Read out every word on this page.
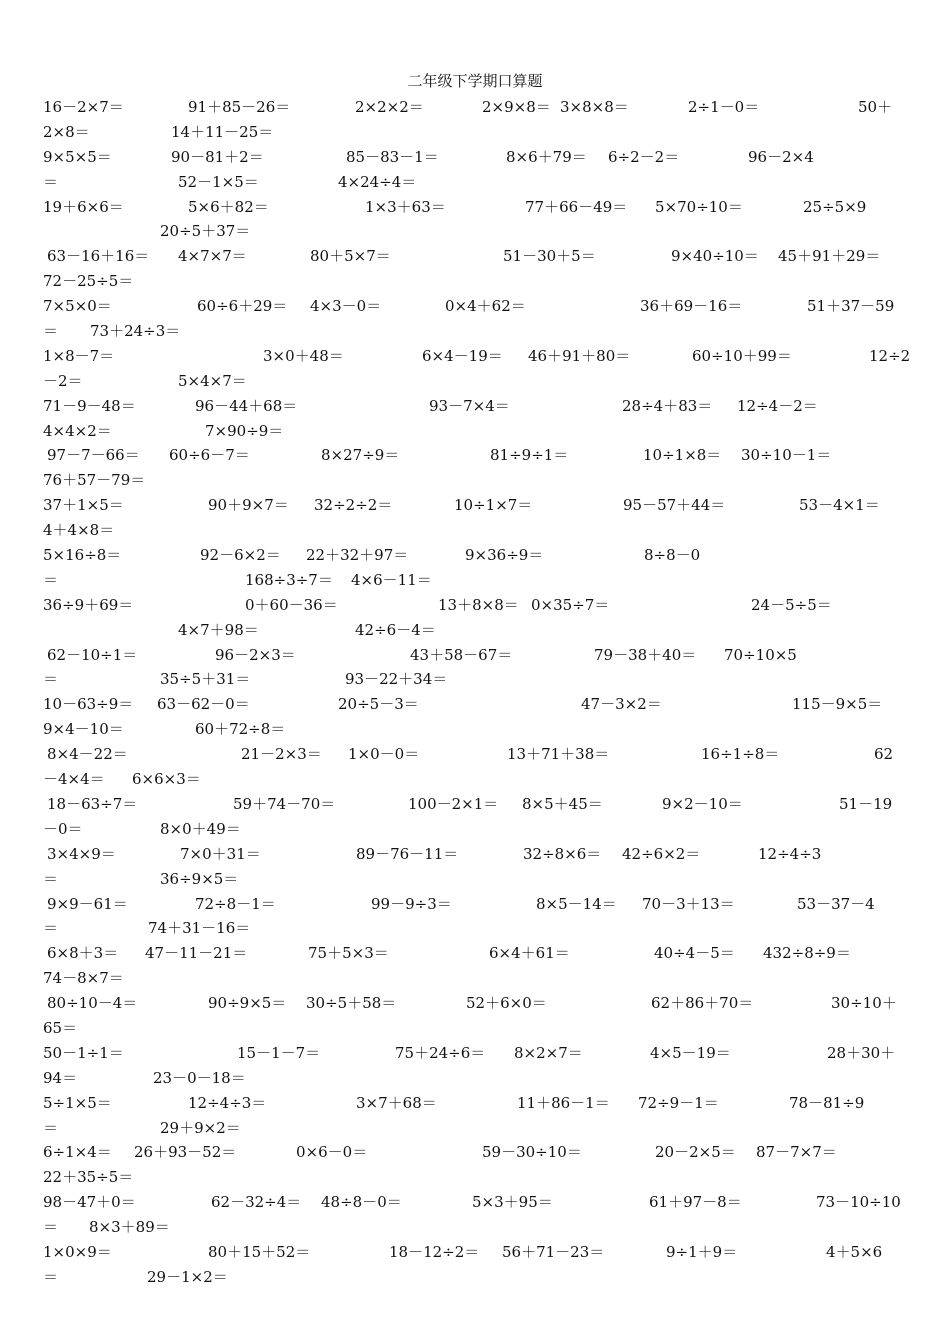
二年级下学期口算题
16－2×7＝	91＋85－26＝	2×2×2＝	2×9×8＝ 3×8×8＝	2÷1－0＝	50＋
2×8＝	14＋11－25＝
9×5×5＝	90－81＋2＝	85－83－1＝	8×6＋79＝ 6÷2－2＝	96－2×4
＝	52－1×5＝	4×24÷4＝
19＋6×6＝	5×6＋82＝	1×3＋63＝	77＋66－49＝ 5×70÷10＝	25÷5×9
20÷5＋37＝
63－16＋16＝ 4×7×7＝	80＋5×7＝	51－30＋5＝	9×40÷10＝ 45＋91＋29＝
72－25÷5＝
7×5×0＝	60÷6＋29＝ 4×3－0＝	0×4＋62＝	36＋69－16＝	51＋37－59
＝ 73＋24÷3＝
1×8－7＝	3×0＋48＝	6×4－19＝ 46＋91＋80＝	60÷10＋99＝	12÷2
－2＝	5×4×7＝
71－9－48＝	96－44＋68＝	93－7×4＝	28÷4＋83＝ 12÷4－2＝
4×4×2＝	7×90÷9＝
97－7－66＝ 60÷6－7＝	8×27÷9＝	81÷9÷1＝	10÷1×8＝ 30÷10－1＝
76＋57－79＝
37＋1×5＝	90＋9×7＝ 32÷2÷2＝	10÷1×7＝	95－57＋44＝	53－4×1＝
4＋4×8＝
5×16÷8＝	92－6×2＝ 22＋32＋97＝	9×36÷9＝	8÷8－0
＝	168÷3÷7＝ 4×6－11＝
36÷9＋69＝	0＋60－36＝	13＋8×8＝ 0×35÷7＝	24－5÷5＝
4×7＋98＝	42÷6－4＝
62－10÷1＝	96－2×3＝	43＋58－67＝	79－38＋40＝ 70÷10×5
＝	35÷5＋31＝	93－22＋34＝
10－63÷9＝ 63－62－0＝	20÷5－3＝	47－3×2＝	115－9×5＝
9×4－10＝	60＋72÷8＝
8×4－22＝	21－2×3＝ 1×0－0＝	13＋71＋38＝	16÷1÷8＝	62
－4×4＝ 6×6×3＝
18－63÷7＝	59＋74－70＝	100－2×1＝ 8×5＋45＝	9×2－10＝	51－19
－0＝	8×0＋49＝
3×4×9＝	7×0＋31＝	89－76－11＝	32÷8×6＝ 42÷6×2＝	12÷4÷3
＝	36÷9×5＝
9×9－61＝	72÷8－1＝	99－9÷3＝	8×5－14＝ 70－3＋13＝	53－37－4
＝	74＋31－16＝
6×8＋3＝ 47－11－21＝	75＋5×3＝	6×4＋61＝	40÷4－5＝ 432÷8÷9＝
74－8×7＝
80÷10－4＝	90÷9×5＝ 30÷5＋58＝	52＋6×0＝	62＋86＋70＝	30÷10＋
65＝
50－1÷1＝	15－1－7＝	75＋24÷6＝ 8×2×7＝	4×5－19＝	28＋30＋
94＝	23－0－18＝
5÷1×5＝	12÷4÷3＝	3×7＋68＝	11＋86－1＝ 72÷9－1＝	78－81÷9
＝	29＋9×2＝
6÷1×4＝ 26＋93－52＝	0×6－0＝	59－30÷10＝	20－2×5＝ 87－7×7＝
22＋35÷5＝
98－47＋0＝	62－32÷4＝ 48÷8－0＝	5×3＋95＝	61＋97－8＝	73－10÷10
＝ 8×3＋89＝
1×0×9＝	80＋15＋52＝	18－12÷2＝ 56＋71－23＝	9÷1＋9＝	4＋5×6
＝	29－1×2＝
